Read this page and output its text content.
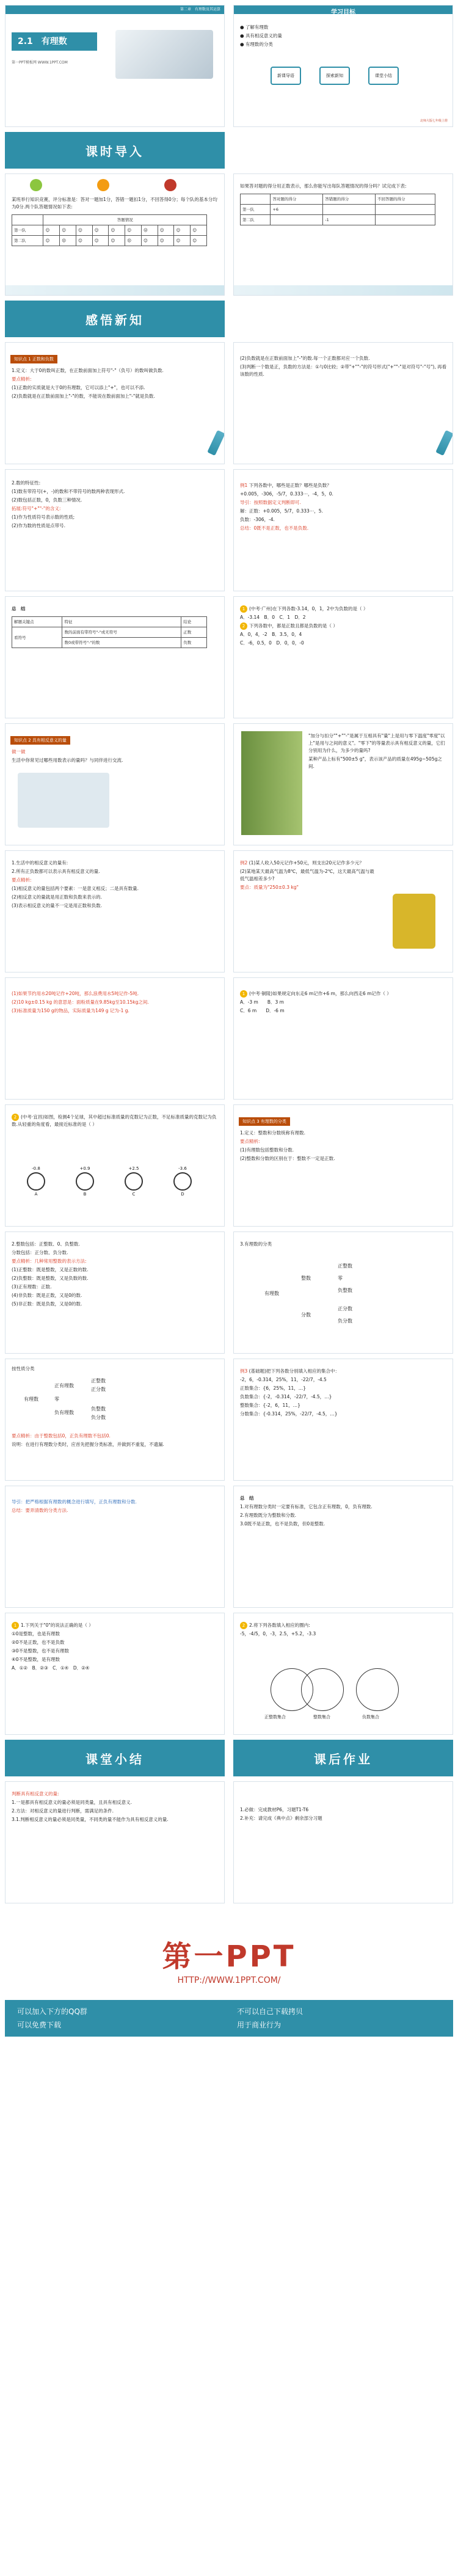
第二章　有理数及其运算
2.1　有理数
第一PPT模板网 WWW.1PPT.COM
学习目标

● 了解有理数

● 具有相反意义的量

● 有理数的分类

新课导语	探索新知	课堂小结
北师大版七年级上册
课时导入

某班举行知识竞赛，评分标准是：答对一题加1分，答错一题扣1分，不回答得0分；每个队的基本分均为0分.两个队答题情况如下表:

	答题情况									
第一队	☺	☺	☺	☺	☺	☺	☹	☺	☺	☺
第二队	☺	☹	☺	☺	☺	☹	☺	☺	☺	☺

如果答对题的得分用正数表示，那么你能写出每队答题情况的得分吗？试完成下表:

	答对题的得分	答错题的得分	不回答题的得分
第一队	+6		
第二队		-1	
感悟新知
知识点 1 正数和负数

1.定义：大于0的数叫正数，在正数前面加上符号"-"（负号）的数叫做负数.

要点精析:

(1)正数的实质就是大于0的有理数，它可以添上"+"，也可以不添.

(2)负数就是在正数前面加上"-"的数，不能说在数前面加上"-"就是负数.

(2)负数就是在正数前面加上"-"的数.每一个正数都对应一个负数.

(3)判断一个数是正，负数的方法是：①与0比较；②带"+""-"的符号形式("+""-"是对符号"-"号"), 再看该数的性质.

2.数的特征性:

(1)数有带符号(+，-)的数和不带符号的数两种表现形式.

(2)数包括正数，0，负数三种情况.

拓展:符号"+""-"的含义:

(1)作为性质符号表示数的性质;

(2)作为数的性质是点带号.

例1 下列各数中，哪些是正数？哪些是负数？

+0.005，-306，-5/7，0.333⋯，-4，5，0.

导引：按照数据定义判断即可.

解：正数：+0.005，5/7，0.333⋯，5.

负数：-306，-4.

总结：0既不是正数，也不是负数.

总　结

解题关键点	特征	结论
看符号	数的前面有带符号"-"或无符号	正数
	数0或带符号"-"的数	负数

1 (中考·广州)在下列各数-3.14，0，1，2中为负数的是（ ）

A．-3.14　 B．0　 C．1　 D．2

2 下列各数中，都是正数且都是负数的是（ ）

A．0，4，-2　 B．3.5，0，4

C．-6，0.5，0　 D．0，0，-0

知识点 2 具有相反意义的量

做一做

生活中你常见过哪些用数表示的量吗？与同伴进行交流.

"加分与扣分""+""-"是属于互相具有"量"上是用与零下温度"零度"以上"是用与之间的意义"。"零下"的等量表示具有相反意义的量，它们分别用为什么，为多少的量吗?

某种产品上标有"500±5 g"，表示该产品的质量在495g~505g之间.

1.生活中的相反意义的量有:

2.所有正负数都可以表示具有相反意义的量.

要点精析:

(1)相反意义的量包括两个要素：一是意义相反；二是具有数量.

(2)相反意义的量就是用正数和负数来表示的.

(3)表示相反意义的量不一定是用正数和负数.

例2 (1)某人收入50元记作+50元，则支出20元记作多少元？

(2)某地某天最高气温为8℃，最低气温为-2℃，这天最高气温与最低气温相差多少?

要点：质量为"250±0.3 kg"

(1)如果节约用水20吨记作+20吨，那么浪费用水5吨记作-5吨.

(2)10 kg±0.15 kg 的意思是：面粉质量在9.85kg至10.15kg之间.

(3)标准质量为150 g的物品，实际质量为149 g 记为-1 g.

1 (中考·铜陵)如果规定向东走6 m记作+6 m，那么向西走6 m记作（ ）

A．-3 m　　 B．3 m

C．6 m　　 D．-6 m

2 (中考·宜昌)如图，检测4个足球，其中超过标准质量的克数记为正数，不足标准质量的克数记为负数.从轻重的角度看，最接近标准的是（ ）

-0.8
A
+0.9
B
+2.5
C
-3.6
D
知识点 3 有理数的分类

1.定义：整数和分数统称有理数.

要点精析:

(1)有理数包括整数和分数.

(2)整数和分数的区别在于：整数不一定是正数.

2.整数包括：正整数、0、负整数.

分数包括：正分数、负分数.

要点精析：几种常用整数的表示方法:

(1)正整数：既是整数，又是正数的数.

(2)负整数：既是整数，又是负数的数.

(3)正有理数：正数.

(4)非负数：既是正数，又是0的数.

(5)非正数：既是负数，又是0的数.

3.有理数的分类

有理数
整数
分数
正整数
零
负整数
正分数
负分数

按性质分类

有理数
正有理数
零
负有理数
正整数
正分数
负整数
负分数

要点精析：由于整数包括0，正负有理数不包括0.

说明：在进行有理数分类时，应首先把握分类标准，并做到不重复，不遗漏.

例3 (基础题)把下列各数分别填入相应的集合中：

-2，6，-0.314，25%，11，-22/7，-4.5

正数集合：{6，25%，11，…}

负数集合：{-2，-0.314，-22/7，-4.5，…}

整数集合：{-2，6，11，…}

分数集合：{-0.314，25%，-22/7，-4.5，…}

导引：把严格根据有理数的概念进行填写，正负有理数和分数.

总结：要弄清数的分类方法.

总　结

1.对有理数分类时一定要有标准，它包含正有理数，0，负有理数.

2.有理数既分为整数和分数.

3.0既不是正数，也不是负数，但0是整数.

1 1.下列关于"0"的说法正确的是（ ）

①0是整数，也是有理数

②0不是正数，也不是负数

③0不是整数，也不是有理数

④0不是整数，是有理数

A．①②　 B．②③　 C．①④　 D．②④

2 2.将下列各数填入相应的圈内:

-5，-4/5，0，-3，2.5，+5.2，-3.3

正整数集合	整数集合	负数集合
课堂小结	课后作业

判断具有相反意义的量:

1.一是都具有相反意义的量必须是同类量，且具有相反意义.

2.方法：对相反意义的量进行判断，需满足的条件.

3.1.判断相反意义的量必须是同类量，不同类的量不能作为具有相反意义的量.

1.必做：完成教材P6，习题T1-T6

2.补充：请完成《典中点》剩余部分习题

第一PPT
HTTP://WWW.1PPT.COM/
可以加入下方的QQ群
可以免费下载
不可以自己下载拷贝
用于商业行为
